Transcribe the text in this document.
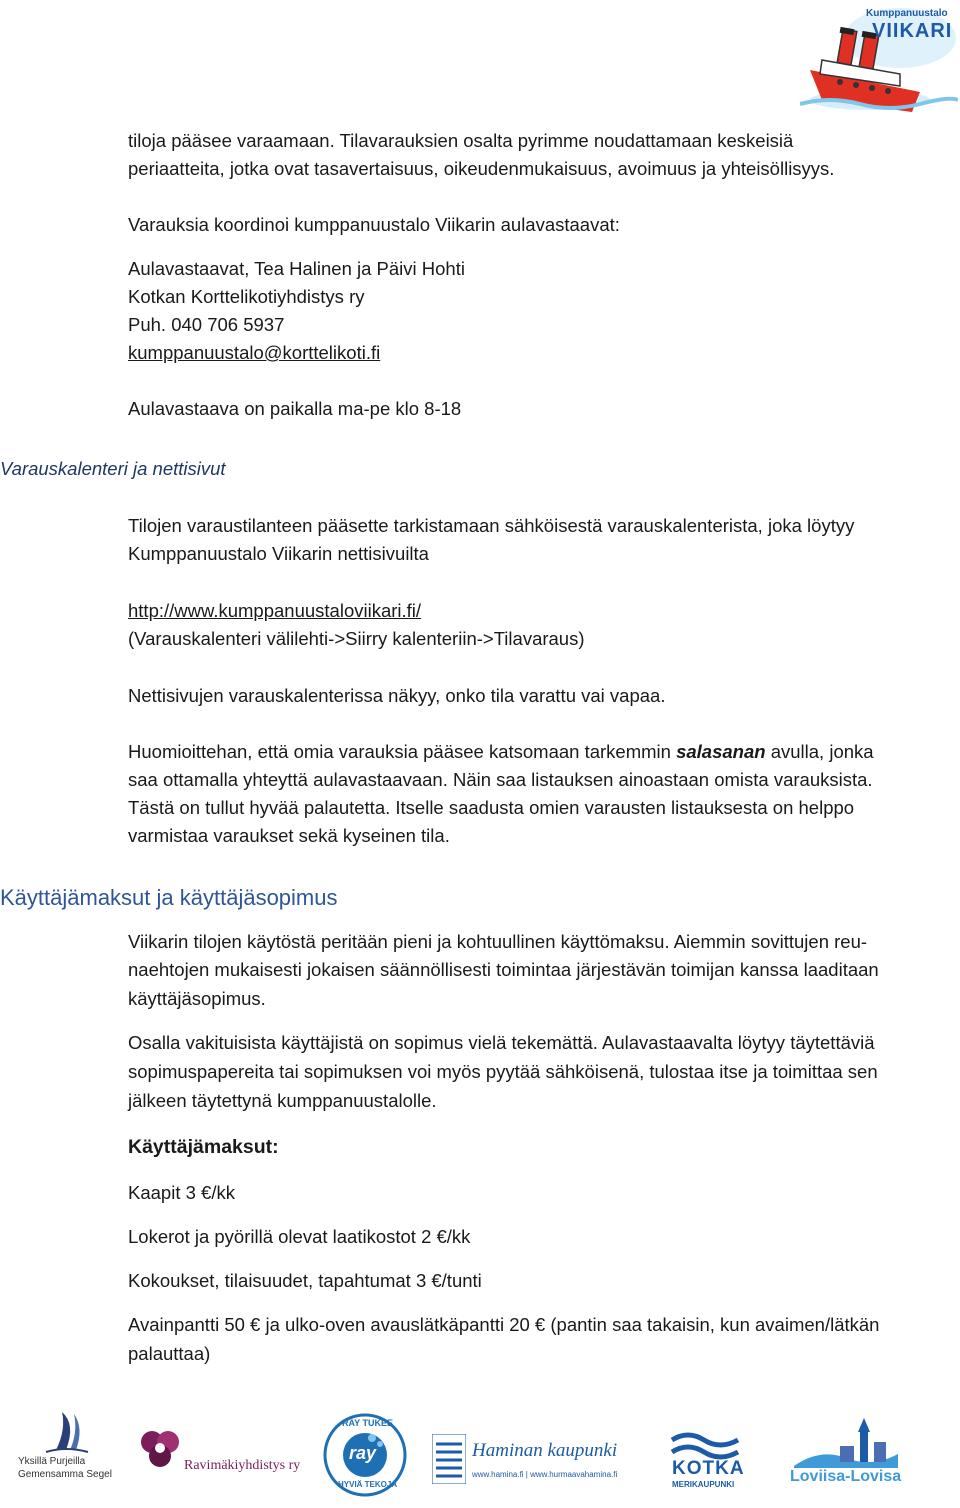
Kumppanuustalo
VIIKARI
tiloja pääsee varaamaan. Tilavarauksien osalta pyrimme noudattamaan keskeisiä
periaatteita, jotka ovat tasavertaisuus, oikeudenmukaisuus, avoimuus ja yhteisöllisyys.
Varauksia koordinoi kumppanuustalo Viikarin aulavastaavat:
Aulavastaavat, Tea Halinen ja Päivi Hohti
Kotkan Korttelikotiyhdistys ry
Puh. 040 706 5937
kumppanuustalo@korttelikoti.fi
Aulavastaava on paikalla ma-pe klo 8-18
Varauskalenteri ja nettisivut
Tilojen varaustilanteen pääsette tarkistamaan sähköisestä varauskalenterista, joka löytyy
Kumppanuustalo Viikarin nettisivuilta
http://www.kumppanuustaloviikari.fi/
(Varauskalenteri välilehti->Siirry kalenteriin->Tilavaraus)
Nettisivujen varauskalenterissa näkyy, onko tila varattu vai vapaa.
Huomioittehan, että omia varauksia pääsee katsomaan tarkemmin salasanan avulla, jonka
saa ottamalla yhteyttä aulavastaavaan. Näin saa listauksen ainoastaan omista varauksista.
Tästä on tullut hyvää palautetta. Itselle saadusta omien varausten listauksesta on helppo
varmistaa varaukset sekä kyseinen tila.
Käyttäjämaksut ja käyttäjäsopimus
Viikarin tilojen käytöstä peritään pieni ja kohtuullinen käyttömaksu. Aiemmin sovittujen reu-
naehtojen mukaisesti jokaisen säännöllisesti toimintaa järjestävän toimijan kanssa laaditaan
käyttäjäsopimus.
Osalla vakituisista käyttäjistä on sopimus vielä tekemättä. Aulavastaavalta löytyy täytettäviä
sopimuspapereita tai sopimuksen voi myös pyytää sähköisenä, tulostaa itse ja toimittaa sen
jälkeen täytettynä kumppanuustalolle.
Käyttäjämaksut:
Kaapit 3 €/kk
Lokerot ja pyörillä olevat laatikostot 2 €/kk
Kokoukset, tilaisuudet, tapahtumat 3 €/tunti
Avainpantti 50 € ja ulko-oven avauslätkäpantti 20 € (pantin saa takaisin, kun avaimen/lätkän
palauttaa)
Yksillä Purjeilla
Gemensamma Segel
Ravimäkiyhdistys ry
RAY TUKEE
ray
HYVIÄ TEKOJA
Haminan kaupunki
www.hamina.fi | www.hurmaavahamina.fi	KOTKA
MERIKAUPUNKI	Loviisa-Lovisa
